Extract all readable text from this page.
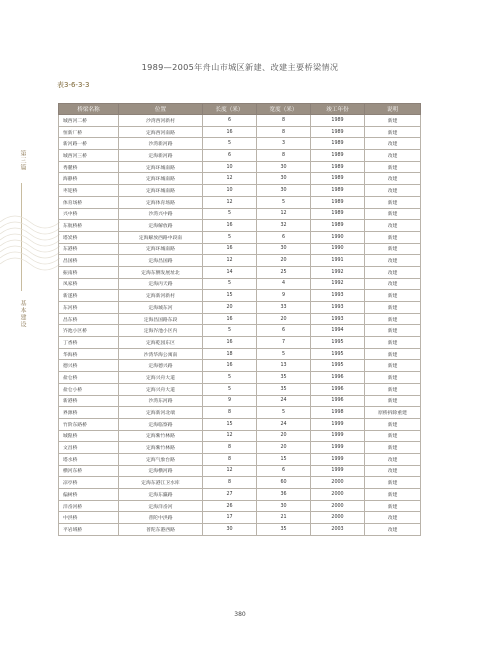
1989—2005年舟山市城区新建、改建主要桥梁情况
表3-6-3-3
第三篇
基本建设
桥梁名称	位置	长度（米）	宽度（米）	竣工年份	说明
城西河二桥	沙湾西河新村	6	8	1989	新建
恒新厂桥	定海西河南路	16	8	1989	新建
新河路一桥	沙湾新河路	5	3	1989	改建
城西河三桥	定海新河路	6	8	1989	改建
秀麓桥	定海环城南路	10	30	1989	新建
海静桥	定海环城南路	12	30	1989	改建
枣迎桥	定海环城南路	10	30	1989	改建
体育场桥	定海体育场路	12	5	1989	新建
兴中桥	沙湾兴中路	5	12	1989	新建
东航桥桥	定海解放路	16	32	1989	改建
塔炭桥	定海解放西路中段南	5	6	1990	新建
东港桥	定海环城南路	16	30	1990	新建
昌国桥	定海昌国路	12	20	1991	改建
振南桥	定海东侧发展址北	14	25	1992	改建
凤家桥	定海丙天路	5	4	1992	改建
新遂桥	定海新河新村	15	9	1993	新建
东河桥	定海城东河	20	33	1993	新建
昌东桥	定海昌国路东段	16	20	1993	新建
岕池小区桥	定海岕池小区内	5	6	1994	新建
丁香桥	定海乾园东区	16	7	1995	新建
华海桥	沙湾华海公寓南	18	5	1995	新建
德兴桥	定海德兴路	16	13	1995	新建
盐仓桥	定海兴舟大道	5	35	1996	新建
盐仓小桥	定海兴舟大道	5	35	1996	新建
新港桥	沙湾东河路	9	24	1996	新建
界源桥	定海新河北端	8	5	1998	原桥拆除重建
竹阶东路桥	定海临察路	15	24	1999	新建
城隍桥	定海紫竹林路	12	20	1999	新建
文昌桥	定海紫竹林路	8	20	1999	新建
塔水桥	定海气象台路	8	15	1999	改建
横河东桥	定海横河路	12	6	1999	改建
凉亭桥	定海东港江卫水库	8	60	2000	新建
偏树桥	定海东瀛路	27	36	2000	新建
洋岙河桥	定海洋岙河	26	30	2000	新建
中洪桥	普陀中洪路	17	21	2000	改建
平岩域桥	普陀东港西路	30	35	2003	改建
380
